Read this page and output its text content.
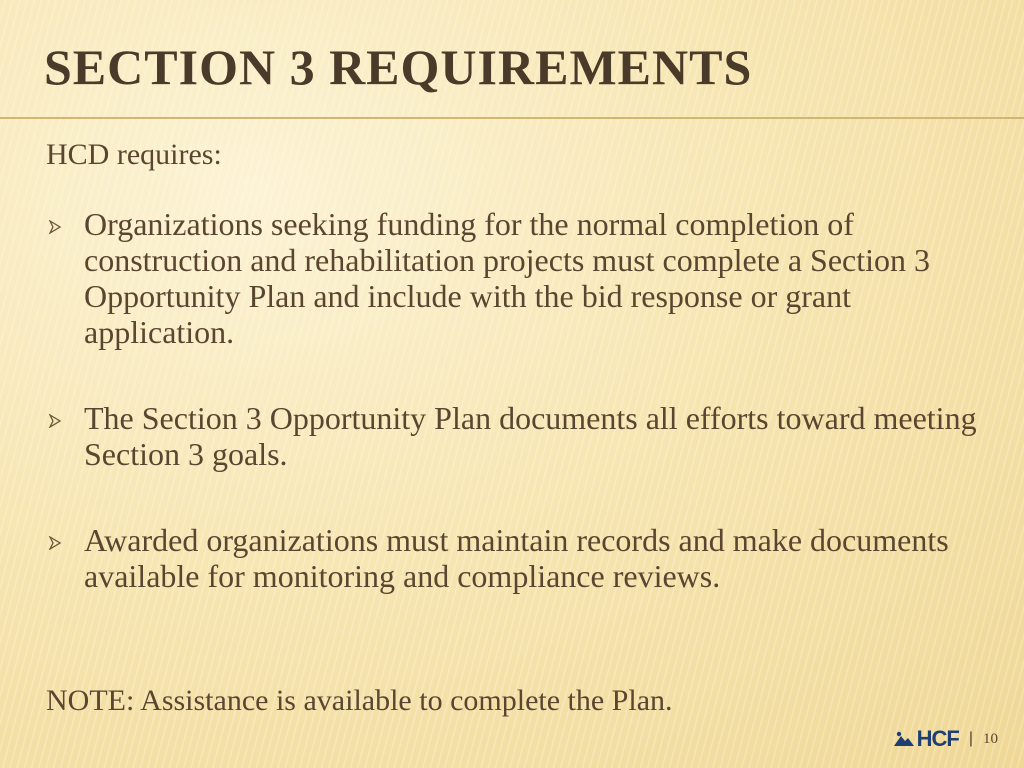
SECTION 3 REQUIREMENTS
HCD requires:
Organizations seeking funding for the normal completion of construction and rehabilitation projects must complete a Section 3 Opportunity Plan and include with the bid response or grant application.
The Section 3 Opportunity Plan documents all efforts toward meeting Section 3 goals.
Awarded organizations must maintain records and make documents available for monitoring and compliance reviews.
NOTE: Assistance is available to complete the Plan.
HCF | 10
